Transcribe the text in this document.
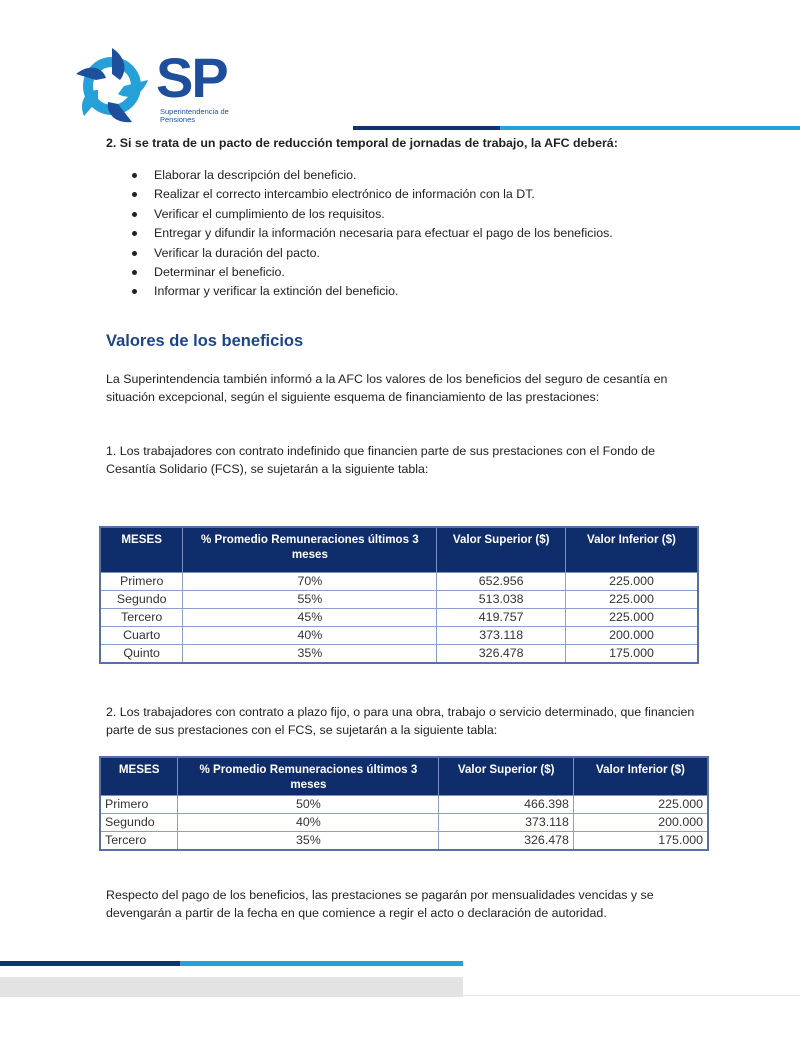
SP
Superintendencia de
Pensiones
2. Si se trata de un pacto de reducción temporal de jornadas de trabajo, la AFC deberá:
Elaborar la descripción del beneficio.
Realizar el correcto intercambio electrónico de información con la DT.
Verificar el cumplimiento de los requisitos.
Entregar y difundir la información necesaria para efectuar el pago de los beneficios.
Verificar la duración del pacto.
Determinar el beneficio.
Informar y verificar la extinción del beneficio.
Valores de los beneficios
La Superintendencia también informó a la AFC los valores de los beneficios del seguro de cesantía en situación excepcional, según el siguiente esquema de financiamiento de las prestaciones:
1. Los trabajadores con contrato indefinido que financien parte de sus prestaciones con el Fondo de Cesantía Solidario (FCS), se sujetarán a la siguiente tabla:
MESES	% Promedio Remuneraciones últimos 3 meses	Valor Superior ($)	Valor Inferior ($)
Primero	70%	652.956	225.000
Segundo	55%	513.038	225.000
Tercero	45%	419.757	225.000
Cuarto	40%	373.118	200.000
Quinto	35%	326.478	175.000
2. Los trabajadores con contrato a plazo fijo, o para una obra, trabajo o servicio determinado, que financien parte de sus prestaciones con el FCS, se sujetarán a la siguiente tabla:
MESES	% Promedio Remuneraciones últimos 3 meses	Valor Superior ($)	Valor Inferior ($)
Primero	50%	466.398	225.000
Segundo	40%	373.118	200.000
Tercero	35%	326.478	175.000
Respecto del pago de los beneficios, las prestaciones se pagarán por mensualidades vencidas y se devengarán a partir de la fecha en que comience a regir el acto o declaración de autoridad.
